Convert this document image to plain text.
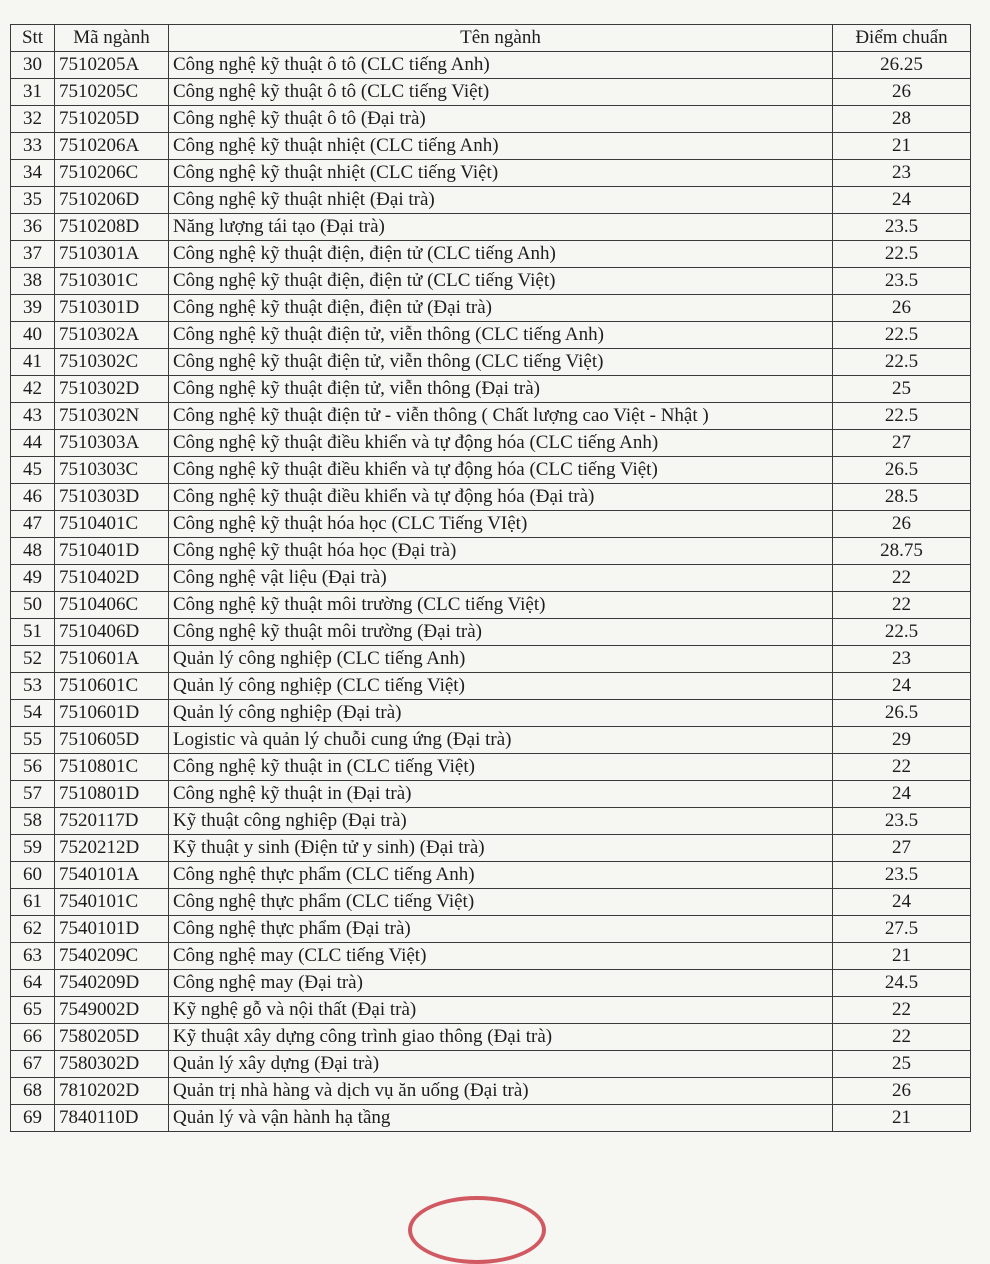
Stt	Mã ngành	Tên ngành	Điểm chuẩn
30	7510205A	Công nghệ kỹ thuật ô tô (CLC tiếng Anh)	26.25
31	7510205C	Công nghệ kỹ thuật ô tô (CLC tiếng Việt)	26
32	7510205D	Công nghệ kỹ thuật ô tô (Đại trà)	28
33	7510206A	Công nghệ kỹ thuật nhiệt (CLC tiếng Anh)	21
34	7510206C	Công nghệ kỹ thuật nhiệt (CLC tiếng Việt)	23
35	7510206D	Công nghệ kỹ thuật nhiệt (Đại trà)	24
36	7510208D	Năng lượng tái tạo (Đại trà)	23.5
37	7510301A	Công nghệ kỹ thuật điện, điện tử (CLC tiếng Anh)	22.5
38	7510301C	Công nghệ kỹ thuật điện, điện tử (CLC tiếng Việt)	23.5
39	7510301D	Công nghệ kỹ thuật điện, điện tử (Đại trà)	26
40	7510302A	Công nghệ kỹ thuật điện tử, viễn thông (CLC tiếng Anh)	22.5
41	7510302C	Công nghệ kỹ thuật điện tử, viễn thông (CLC tiếng Việt)	22.5
42	7510302D	Công nghệ kỹ thuật điện tử, viễn thông (Đại trà)	25
43	7510302N	Công nghệ kỹ thuật điện tử - viễn thông ( Chất lượng cao Việt - Nhật )	22.5
44	7510303A	Công nghệ kỹ thuật điều khiển và tự động hóa (CLC tiếng Anh)	27
45	7510303C	Công nghệ kỹ thuật điều khiển và tự động hóa (CLC tiếng Việt)	26.5
46	7510303D	Công nghệ kỹ thuật điều khiển và tự động hóa (Đại trà)	28.5
47	7510401C	Công nghệ kỹ thuật hóa học (CLC Tiếng VIệt)	26
48	7510401D	Công nghệ kỹ thuật hóa học (Đại trà)	28.75
49	7510402D	Công nghệ vật liệu (Đại trà)	22
50	7510406C	Công nghệ kỹ thuật môi trường (CLC tiếng Việt)	22
51	7510406D	Công nghệ kỹ thuật môi trường (Đại trà)	22.5
52	7510601A	Quản lý công nghiệp (CLC tiếng Anh)	23
53	7510601C	Quản lý công nghiệp (CLC tiếng Việt)	24
54	7510601D	Quản lý công nghiệp (Đại trà)	26.5
55	7510605D	Logistic và quản lý chuỗi cung ứng (Đại trà)	29
56	7510801C	Công nghệ kỹ thuật in (CLC tiếng Việt)	22
57	7510801D	Công nghệ kỹ thuật in (Đại trà)	24
58	7520117D	Kỹ thuật công nghiệp (Đại trà)	23.5
59	7520212D	Kỹ thuật y sinh (Điện tử y sinh) (Đại trà)	27
60	7540101A	Công nghệ thực phẩm (CLC tiếng Anh)	23.5
61	7540101C	Công nghệ thực phẩm (CLC tiếng Việt)	24
62	7540101D	Công nghệ thực phẩm (Đại trà)	27.5
63	7540209C	Công nghệ may (CLC tiếng Việt)	21
64	7540209D	Công nghệ may (Đại trà)	24.5
65	7549002D	Kỹ nghệ gỗ và nội thất (Đại trà)	22
66	7580205D	Kỹ thuật xây dựng công trình giao thông (Đại trà)	22
67	7580302D	Quản lý xây dựng (Đại trà)	25
68	7810202D	Quản trị nhà hàng và dịch vụ ăn uống (Đại trà)	26
69	7840110D	Quản lý và vận hành hạ tầng	21
